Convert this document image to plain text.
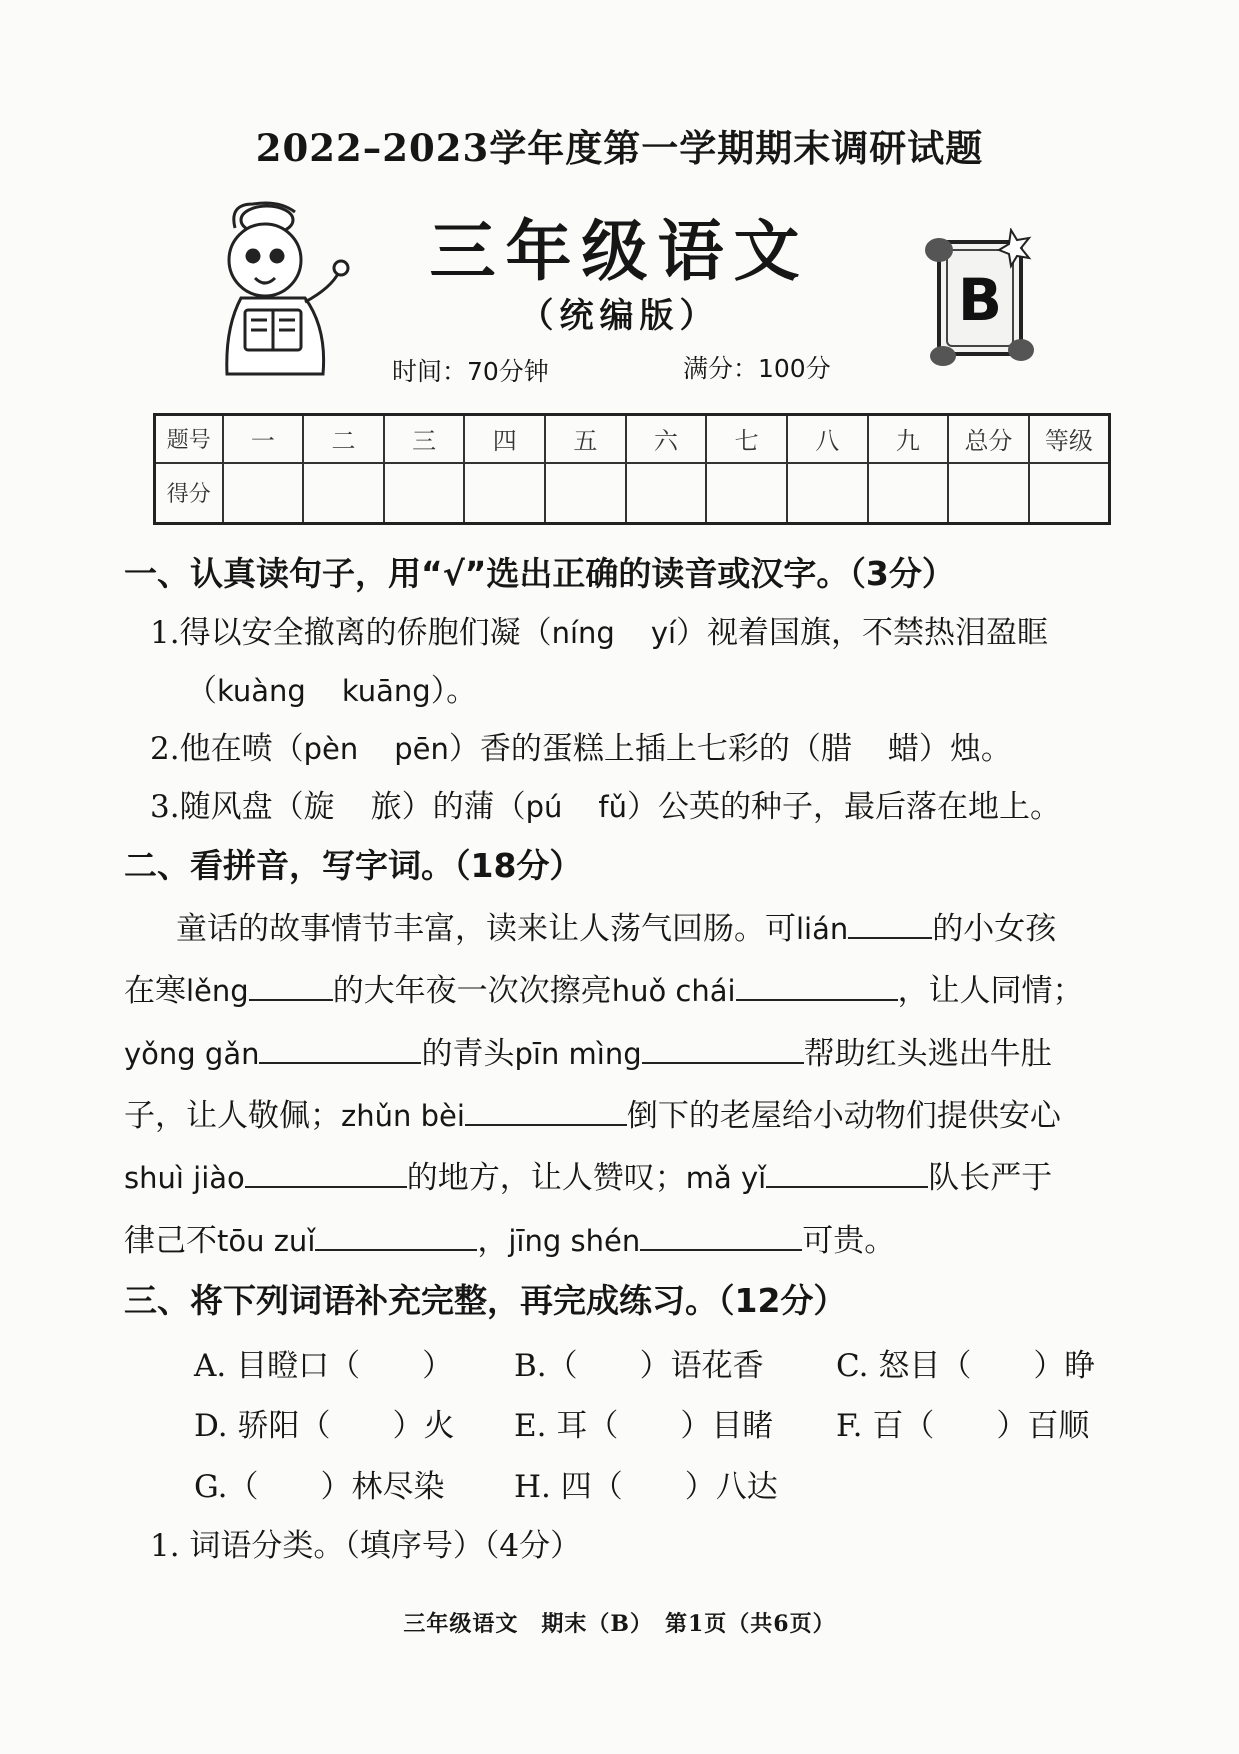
2022–2023学年度第一学期期末调研试题
三年级语文
（统编版）	B
时间：70分钟	满分：100分
题号	一	二	三	四	五	六	七	八	九	总分	等级
得分											
一、认真读句子，用“√”选出正确的读音或汉字。（3分）
1.得以安全撤离的侨胞们凝（níng yí）视着国旗，不禁热泪盈眶
（kuàng kuāng）。
2.他在喷（pèn pēn）香的蛋糕上插上七彩的（腊 蜡）烛。
3.随风盘（旋 旅）的蒲（pú fǔ）公英的种子，最后落在地上。
二、看拼音，写字词。（18分）
童话的故事情节丰富，读来让人荡气回肠。可lián	的小女孩
在寒lěng	的大年夜一次次擦亮huǒ chái	，让人同情；
yǒng gǎn	的青头pīn mìng	帮助红头逃出牛肚
子，让人敬佩；zhǔn bèi	倒下的老屋给小动物们提供安心
shuì jiào	的地方，让人赞叹；mǎ yǐ	队长严于
律己不tōu zuǐ	，jīng shén	可贵。
三、将下列词语补充完整，再完成练习。（12分）
A. 目瞪口（　　） B.（　　）语花香 C. 怒目（　　）睁
D. 骄阳（　　）火 E. 耳（　　）目睹 F. 百（　　）百顺
G.（　　）林尽染 H. 四（　　）八达
1. 词语分类。（填序号）（4分）
三年级语文　期末（B）　第1页（共6页）
